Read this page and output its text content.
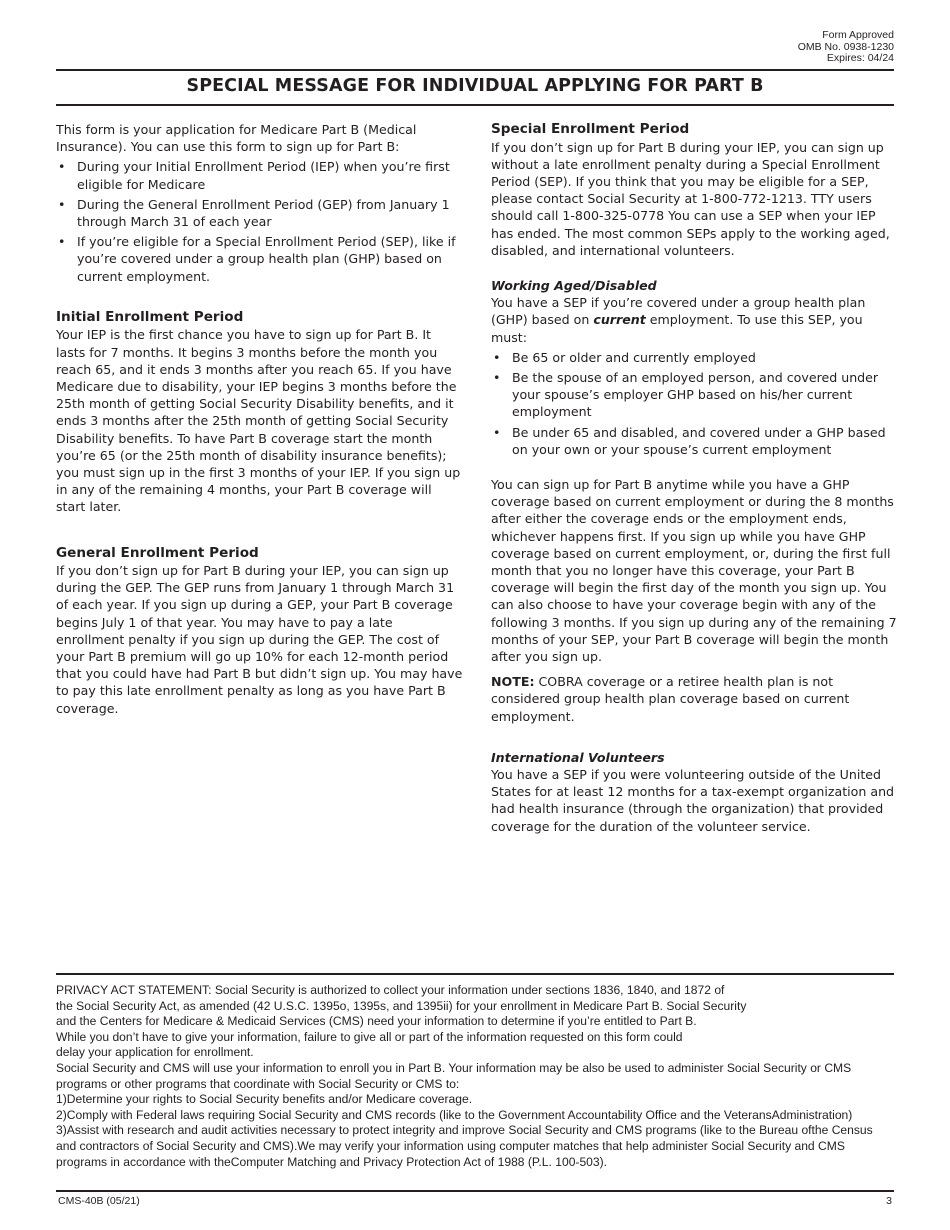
Form Approved
OMB No. 0938-1230
Expires: 04/24
SPECIAL MESSAGE FOR INDIVIDUAL APPLYING FOR PART B

This form is your application for Medicare Part B (Medical Insurance). You can use this form to sign up for Part B:

• During your Initial Enrollment Period (IEP) when you’re first eligible for Medicare
• During the General Enrollment Period (GEP) from January 1 through March 31 of each year
• If you’re eligible for a Special Enrollment Period (SEP), like if you’re covered under a group health plan (GHP) based on current employment.
Initial Enrollment Period

Your IEP is the first chance you have to sign up for Part B. It lasts for 7 months. It begins 3 months before the month you reach 65, and it ends 3 months after you reach 65. If you have Medicare due to disability, your IEP begins 3 months before the 25th month of getting Social Security Disability benefits, and it ends 3 months after the 25th month of getting Social Security Disability benefits. To have Part B coverage start the month you’re 65 (or the 25th month of disability insurance benefits); you must sign up in the first 3 months of your IEP. If you sign up in any of the remaining 4 months, your Part B coverage will start later.

General Enrollment Period

If you don’t sign up for Part B during your IEP, you can sign up during the GEP. The GEP runs from January 1 through March 31 of each year. If you sign up during a GEP, your Part B coverage begins July 1 of that year. You may have to pay a late enrollment penalty if you sign up during the GEP. The cost of your Part B premium will go up 10% for each 12-month period that you could have had Part B but didn’t sign up. You may have to pay this late enrollment penalty as long as you have Part B coverage.

Special Enrollment Period

If you don’t sign up for Part B during your IEP, you can sign up without a late enrollment penalty during a Special Enrollment Period (SEP). If you think that you may be eligible for a SEP, please contact Social Security at 1-800-772-1213. TTY users should call 1-800-325-0778 You can use a SEP when your IEP has ended. The most common SEPs apply to the working aged, disabled, and international volunteers.

Working Aged/Disabled

You have a SEP if you’re covered under a group health plan (GHP) based on current employment. To use this SEP, you must:

• Be 65 or older and currently employed
• Be the spouse of an employed person, and covered under your spouse’s employer GHP based on his/her current employment
• Be under 65 and disabled, and covered under a GHP based on your own or your spouse’s current employment

You can sign up for Part B anytime while you have a GHP coverage based on current employment or during the 8 months after either the coverage ends or the employment ends, whichever happens first. If you sign up while you have GHP coverage based on current employment, or, during the first full month that you no longer have this coverage, your Part B coverage will begin the first day of the month you sign up. You can also choose to have your coverage begin with any of the following 3 months. If you sign up during any of the remaining 7 months of your SEP, your Part B coverage will begin the month after you sign up.

NOTE: COBRA coverage or a retiree health plan is not considered group health plan coverage based on current employment.

International Volunteers

You have a SEP if you were volunteering outside of the United States for at least 12 months for a tax-exempt organization and had health insurance (through the organization) that provided coverage for the duration of the volunteer service.

PRIVACY ACT STATEMENT: Social Security is authorized to collect your information under sections 1836, 1840, and 1872 of
the Social Security Act, as amended (42 U.S.C. 1395o, 1395s, and 1395ii) for your enrollment in Medicare Part B. Social Security
and the Centers for Medicare & Medicaid Services (CMS) need your information to determine if you’re entitled to Part B.
While you don’t have to give your information, failure to give all or part of the information requested on this form could
delay your application for enrollment.

Social Security and CMS will use your information to enroll you in Part B. Your information may be also be used to administer Social Security or CMS programs or other programs that coordinate with Social Security or CMS to:

1)Determine your rights to Social Security benefits and/or Medicare coverage.

2)Comply with Federal laws requiring Social Security and CMS records (like to the Government Accountability Office and the VeteransAdministration)

3)Assist with research and audit activities necessary to protect integrity and improve Social Security and CMS programs (like to the Bureau ofthe Census and contractors of Social Security and CMS).We may verify your information using computer matches that help administer Social Security and CMS programs in accordance with theComputer Matching and Privacy Protection Act of 1988 (P.L. 100-503).

CMS-40B (05/21)	3
